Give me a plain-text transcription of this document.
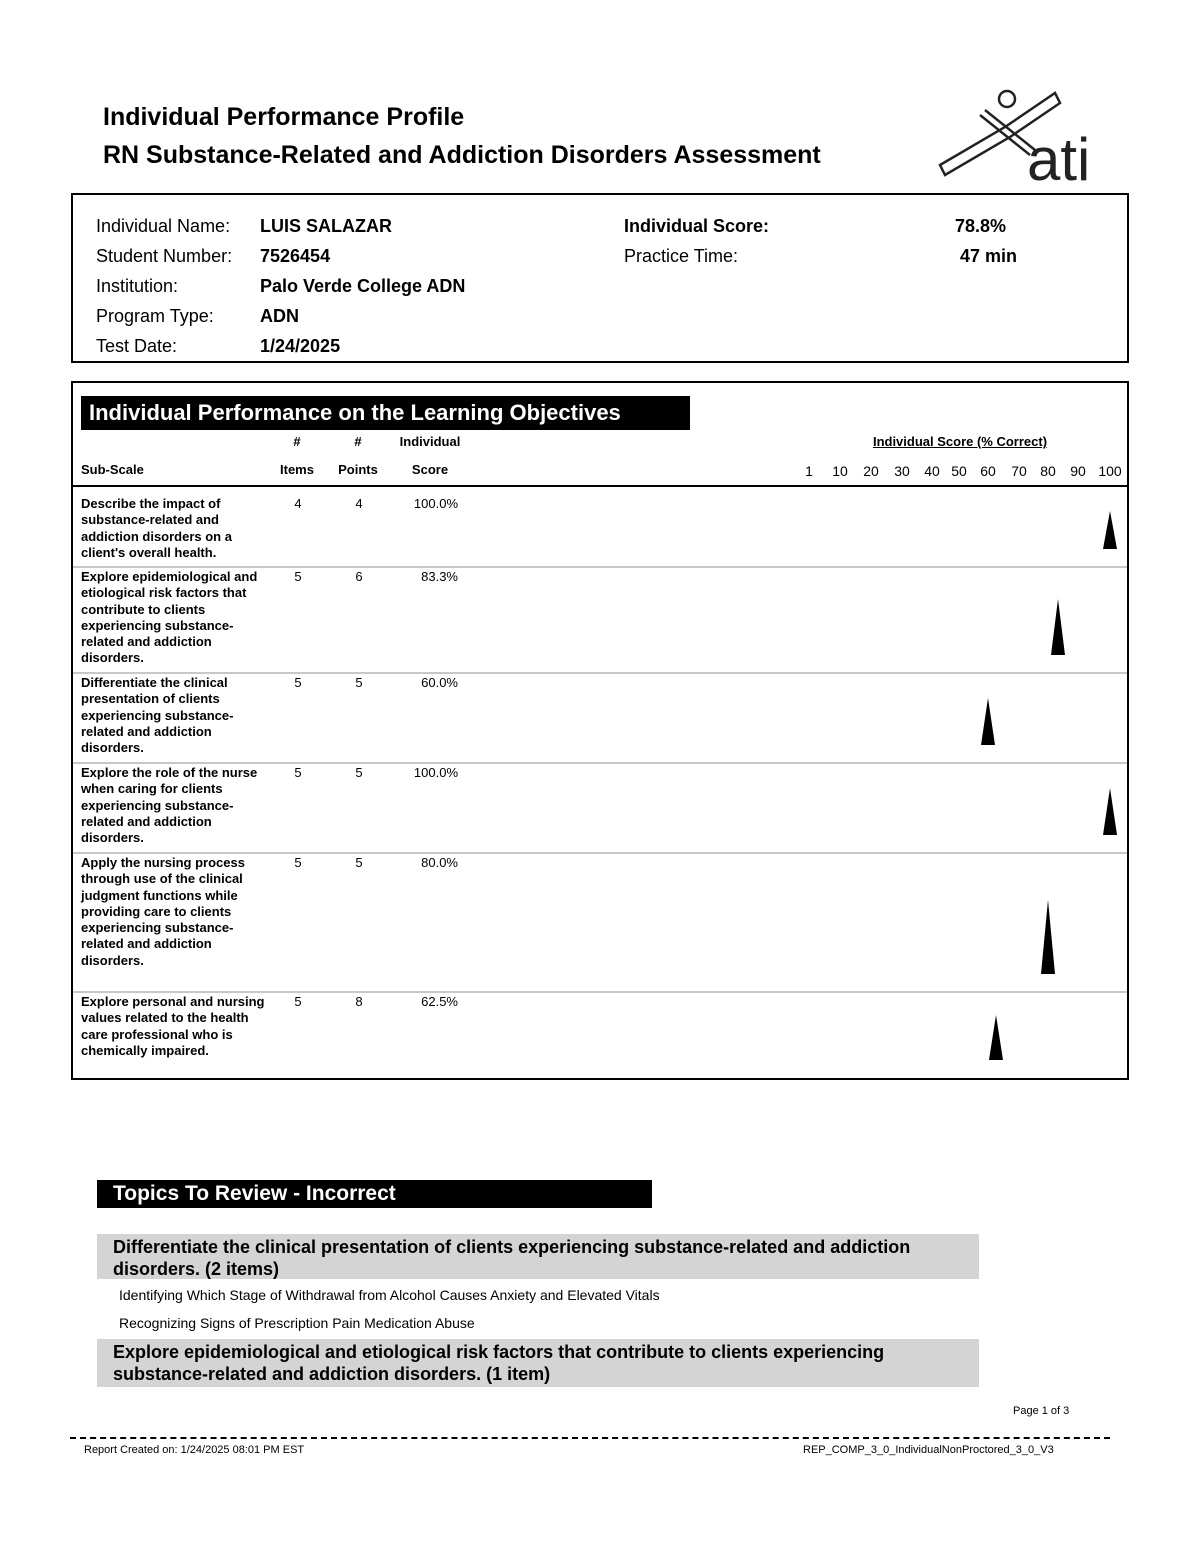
Individual Performance Profile
RN Substance-Related and Addiction Disorders Assessment	ati
Individual Name: LUIS SALAZAR
Student Number: 7526454
Institution:	Palo Verde College ADN
Program Type:	ADN
Test Date:	1/24/2025
Individual Score:	78.8%
Practice Time:	47 min
Individual Performance on the Learning Objectives
#	#	Individual
Sub-Scale	Items Points	Score
Individual Score (% Correct)
1 10 20 30 40 50 60 70 80 90 100
Describe the impact of substance-related and addiction disorders on a client's overall health.
4	4	100.0%
Explore epidemiological and etiological risk factors that contribute to clients experiencing substance-related and addiction disorders.
5	6	83.3%
Differentiate the clinical presentation of clients experiencing substance-related and addiction disorders.
5	5	60.0%
Explore the role of the nurse when caring for clients experiencing substance-related and addiction disorders.
5	5	100.0%
Apply the nursing process through use of the clinical judgment functions while providing care to clients experiencing substance-related and addiction disorders.
5	5	80.0%
Explore personal and nursing values related to the health care professional who is chemically impaired.
5	8	62.5%
Topics To Review - Incorrect
Differentiate the clinical presentation of clients experiencing substance-related and addiction disorders. (2 items)
Identifying Which Stage of Withdrawal from Alcohol Causes Anxiety and Elevated Vitals
Recognizing Signs of Prescription Pain Medication Abuse
Explore epidemiological and etiological risk factors that contribute to clients experiencing substance-related and addiction disorders. (1 item)
Page 1 of 3
Report Created on: 1/24/2025 08:01 PM EST	REP_COMP_3_0_IndividualNonProctored_3_0_V3
